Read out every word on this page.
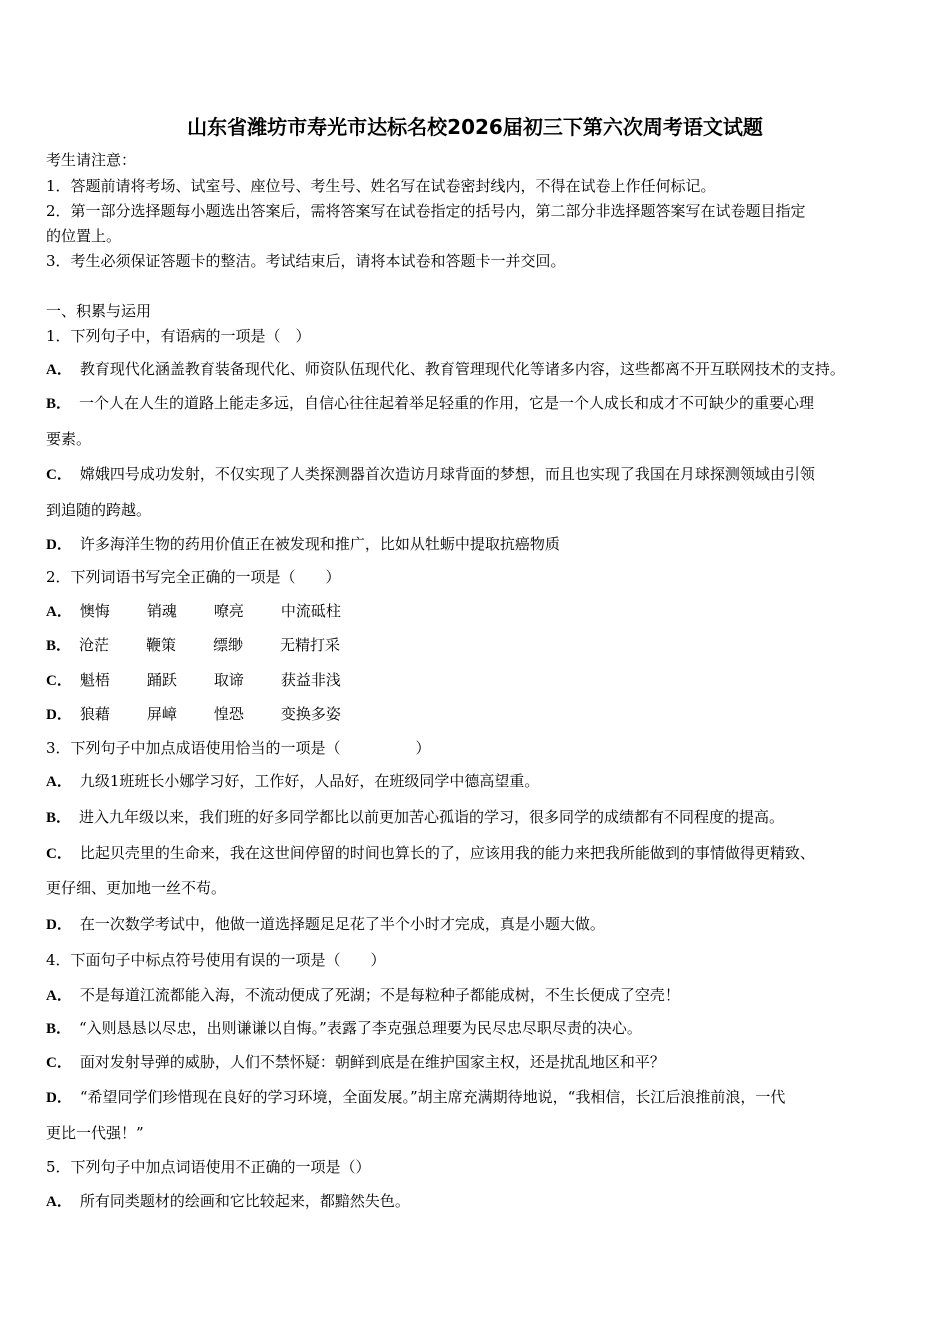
山东省潍坊市寿光市达标名校2026届初三下第六次周考语文试题
考生请注意：
1．答题前请将考场、试室号、座位号、考生号、姓名写在试卷密封线内，不得在试卷上作任何标记。
2．第一部分选择题每小题选出答案后，需将答案写在试卷指定的括号内，第二部分非选择题答案写在试卷题目指定
的位置上。
3．考生必须保证答题卡的整洁。考试结束后，请将本试卷和答题卡一并交回。
一、积累与运用
1．下列句子中，有语病的一项是（　）
A． 教育现代化涵盖教育装备现代化、师资队伍现代化、教育管理现代化等诸多内容，这些都离不开互联网技术的支持。
B． 一个人在人生的道路上能走多远，自信心往往起着举足轻重的作用，它是一个人成长和成才不可缺少的重要心理
要素。
C． 嫦娥四号成功发射，不仅实现了人类探测器首次造访月球背面的梦想，而且也实现了我国在月球探测领域由引领
到追随的跨越。
D． 许多海洋生物的药用价值正在被发现和推广，比如从牡蛎中提取抗癌物质
2．下列词语书写完全正确的一项是（　　）
A． 懊悔 销魂 嘹亮 中流砥柱
B． 沧茫 鞭策 缥缈 无精打采
C． 魁梧 踊跃 取谛 获益非浅
D． 狼藉 屏嶂 惶恐 变换多姿
3．下列句子中加点成语使用恰当的一项是（　　　　　）
A． 九级1班班长小娜学习好，工作好，人品好，在班级同学中德高望重。
B． 进入九年级以来，我们班的好多同学都比以前更加苦心孤诣的学习，很多同学的成绩都有不同程度的提高。
C． 比起贝壳里的生命来，我在这世间停留的时间也算长的了，应该用我的能力来把我所能做到的事情做得更精致、
更仔细、更加地一丝不苟。
D． 在一次数学考试中，他做一道选择题足足花了半个小时才完成，真是小题大做。
4．下面句子中标点符号使用有误的一项是（　　）
A． 不是每道江流都能入海，不流动便成了死湖；不是每粒种子都能成树，不生长便成了空壳！
B． “入则恳恳以尽忠，出则谦谦以自悔。”表露了李克强总理要为民尽忠尽职尽责的决心。
C． 面对发射导弹的威胁，人们不禁怀疑：朝鲜到底是在维护国家主权，还是扰乱地区和平？
D． “希望同学们珍惜现在良好的学习环境，全面发展。”胡主席充满期待地说，“我相信，长江后浪推前浪，一代
更比一代强！”
5．下列句子中加点词语使用不正确的一项是（）
A． 所有同类题材的绘画和它比较起来，都黯然失色。
